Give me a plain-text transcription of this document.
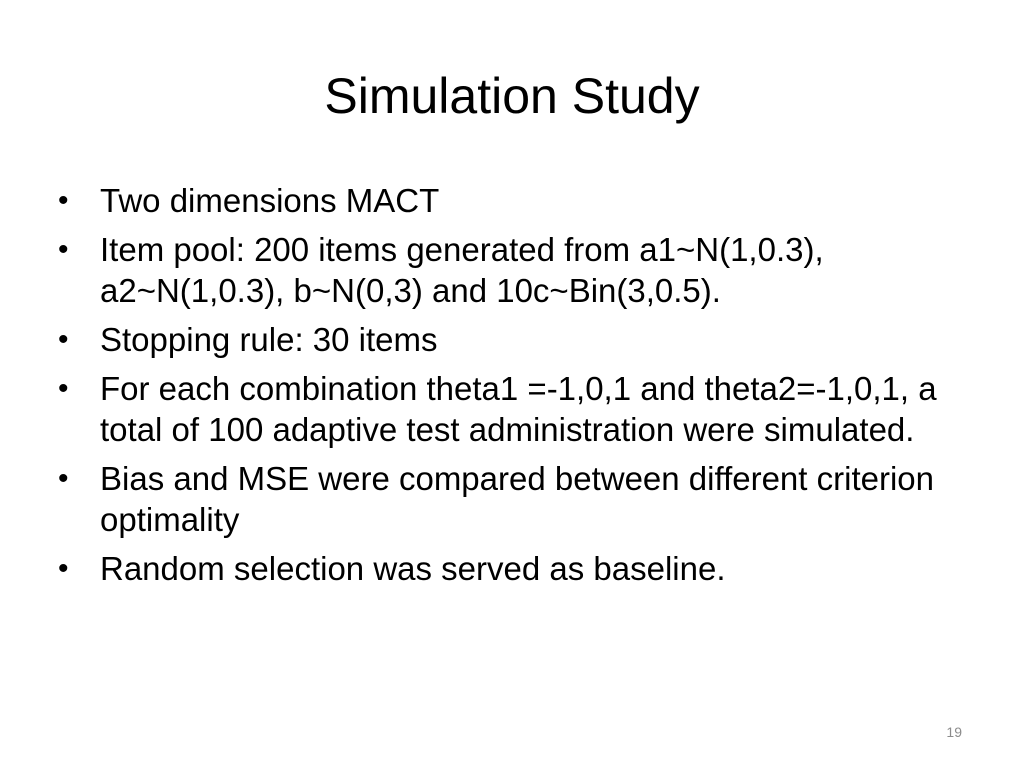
Simulation Study
• Two dimensions MACT
• Item pool: 200 items generated from a1~N(1,0.3), a2~N(1,0.3), b~N(0,3) and 10c~Bin(3,0.5).
• Stopping rule: 30 items
• For each combination theta1 =-1,0,1 and theta2=-1,0,1, a total of 100 adaptive test administration were simulated.
• Bias and MSE were compared between different criterion optimality
• Random selection was served as baseline.
19
